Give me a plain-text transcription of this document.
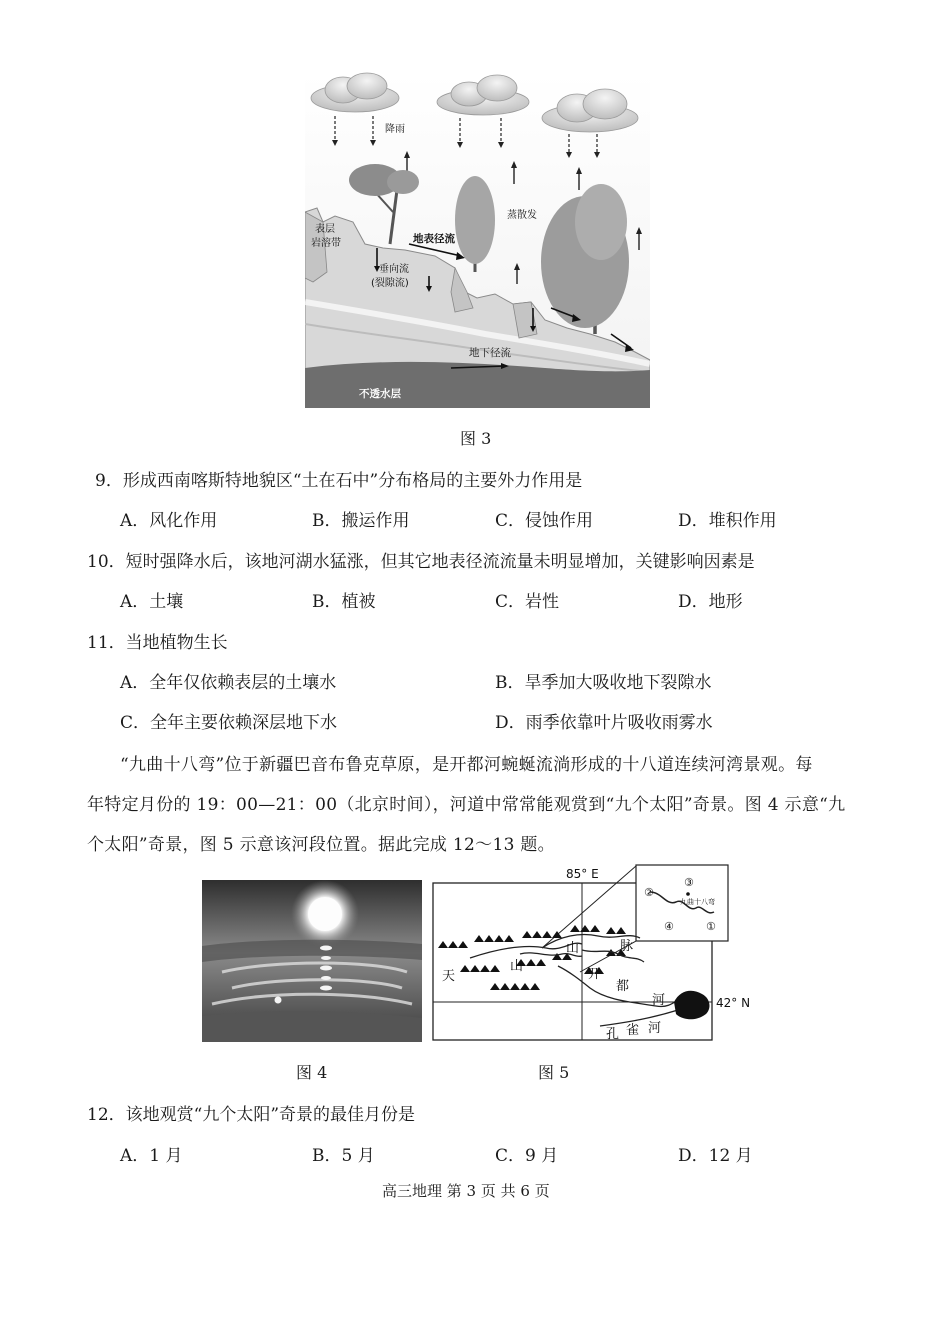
降雨
表层
岩溶带	地表径流
蒸散发
垂向流
(裂隙流)
地下径流
不透水层
图 3
9．形成西南喀斯特地貌区“土在石中”分布格局的主要外力作用是
A．风化作用	B．搬运作用	C．侵蚀作用	D．堆积作用
10．短时强降水后，该地河湖水猛涨，但其它地表径流流量未明显增加，关键影响因素是
A．土壤	B．植被	C．岩性	D．地形
11．当地植物生长
A．全年仅依赖表层的土壤水	B．旱季加大吸收地下裂隙水
C．全年主要依赖深层地下水	D．雨季依靠叶片吸收雨雾水
“九曲十八弯”位于新疆巴音布鲁克草原，是开都河蜿蜒流淌形成的十八道连续河湾景观。每
年特定月份的 19：00—21：00（北京时间），河道中常常能观赏到“九个太阳”奇景。图 4 示意“九
个太阳”奇景，图 5 示意该河段位置。据此完成 12～13 题。
图 4
85° E
42° N
②
③
④	①
九曲十八弯
天
山
山	脉
开
都
河
孔 雀 河
图 5
12．该地观赏“九个太阳”奇景的最佳月份是
A．1 月	B．5 月	C．9 月	D．12 月
高三地理 第 3 页 共 6 页
